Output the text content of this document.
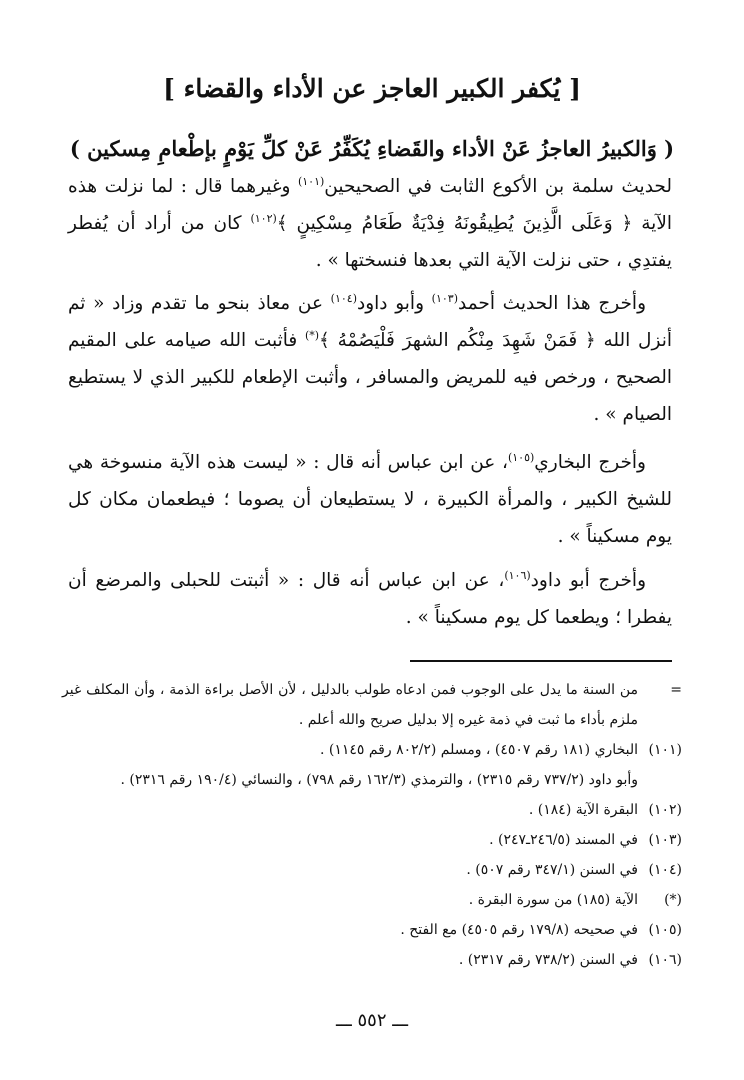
[ يُكفر الكبير العاجز عن الأداء والقضاء ]
( وَالكبيرُ العاجزُ عَنْ الأداء والقَضاءِ يُكَفِّرُ عَنْ كلِّ يَوْمٍ بإطْعامِ مِسكين )
لحديث سلمة بن الأكوع الثابت في الصحيحين$^{(١٠١)}$ وغيرهما قال : لما نزلت هذه الآية ﴿ وَعَلَى الَّذِينَ يُطِيقُونَهُ فِدْيَةٌ طَعَامُ مِسْكِينٍ ﴾$^{(١٠٢)}$ كان من أراد أن يُفطر يفتدِي ، حتى نزلت الآية التي بعدها فنسختها » .
وأخرج هذا الحديث أحمد$^{(١٠٣)}$ وأبو داود$^{(١٠٤)}$ عن معاذ بنحو ما تقدم وزاد « ثم أنزل الله ﴿ فَمَنْ شَهِدَ مِنْكُم الشهرَ فَلْيَصُمْهُ ﴾(*) فأثبت الله صيامه على المقيم الصحيح ، ورخص فيه للمريض والمسافر ، وأثبت الإطعام للكبير الذي لا يستطيع الصيام » .
وأخرج البخاري$^{(١٠٥)}$، عن ابن عباس أنه قال : « ليست هذه الآية منسوخة هي للشيخ الكبير ، والمرأة الكبيرة ، لا يستطيعان أن يصوما ؛ فيطعمان مكان كل يوم مسكيناً » .
وأخرج أبو داود$^{(١٠٦)}$، عن ابن عباس أنه قال : « أثبتت للحبلى والمرضع أن يفطرا ؛ ويطعما كل يوم مسكيناً » .
=
من السنة ما يدل على الوجوب فمن ادعاه طولب بالدليل ، لأن الأصل براءة الذمة ، وأن المكلف غير ملزم بأداء ما ثبت في ذمة غيره إلا بدليل صريح والله أعلم .
(١٠١)
البخاري (١٨١ رقم ٤٥٠٧) ، ومسلم (٨٠٢/٢ رقم ١١٤٥) .
وأبو داود (٧٣٧/٢ رقم ٢٣١٥) ، والترمذي (١٦٢/٣ رقم ٧٩٨) ، والنسائي (١٩٠/٤ رقم ٢٣١٦) .
(١٠٢)
البقرة الآية (١٨٤) .
(١٠٣)
في المسند (٢٤٦/٥ـ٢٤٧) .
(١٠٤)
في السنن (٣٤٧/١ رقم ٥٠٧) .
(*)
الآية (١٨٥) من سورة البقرة .
(١٠٥)
في صحيحه (١٧٩/٨ رقم ٤٥٠٥) مع الفتح .
(١٠٦)
في السنن (٧٣٨/٢ رقم ٢٣١٧) .
ـــ ٥٥٢ ـــ
